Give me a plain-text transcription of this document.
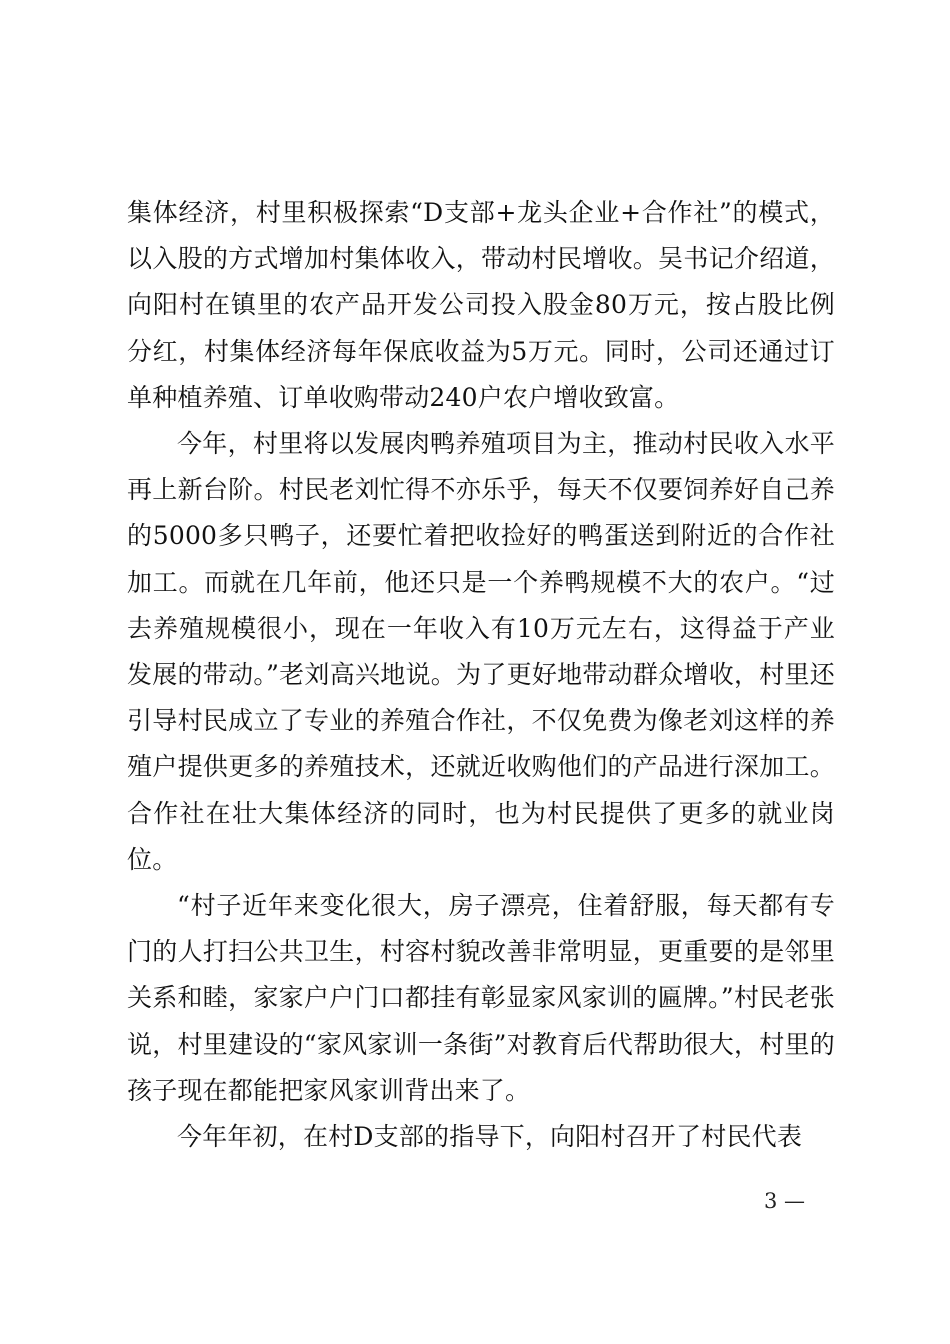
集体经济，村里积极探索“D支部+龙头企业+合作社”的模式，以入股的方式增加村集体收入，带动村民增收。吴书记介绍道，向阳村在镇里的农产品开发公司投入股金80万元，按占股比例分红，村集体经济每年保底收益为5万元。同时，公司还通过订单种植养殖、订单收购带动240户农户增收致富。

今年，村里将以发展肉鸭养殖项目为主，推动村民收入水平再上新台阶。村民老刘忙得不亦乐乎，每天不仅要饲养好自己养的5000多只鸭子，还要忙着把收捡好的鸭蛋送到附近的合作社加工。而就在几年前，他还只是一个养鸭规模不大的农户。“过去养殖规模很小，现在一年收入有10万元左右，这得益于产业发展的带动。”老刘高兴地说。为了更好地带动群众增收，村里还引导村民成立了专业的养殖合作社，不仅免费为像老刘这样的养殖户提供更多的养殖技术，还就近收购他们的产品进行深加工。合作社在壮大集体经济的同时，也为村民提供了更多的就业岗位。

“村子近年来变化很大，房子漂亮，住着舒服，每天都有专门的人打扫公共卫生，村容村貌改善非常明显，更重要的是邻里关系和睦，家家户户门口都挂有彰显家风家训的匾牌。”村民老张说，村里建设的“家风家训一条街”对教育后代帮助很大，村里的孩子现在都能把家风家训背出来了。

今年年初，在村D支部的指导下，向阳村召开了村民代表

3 —
